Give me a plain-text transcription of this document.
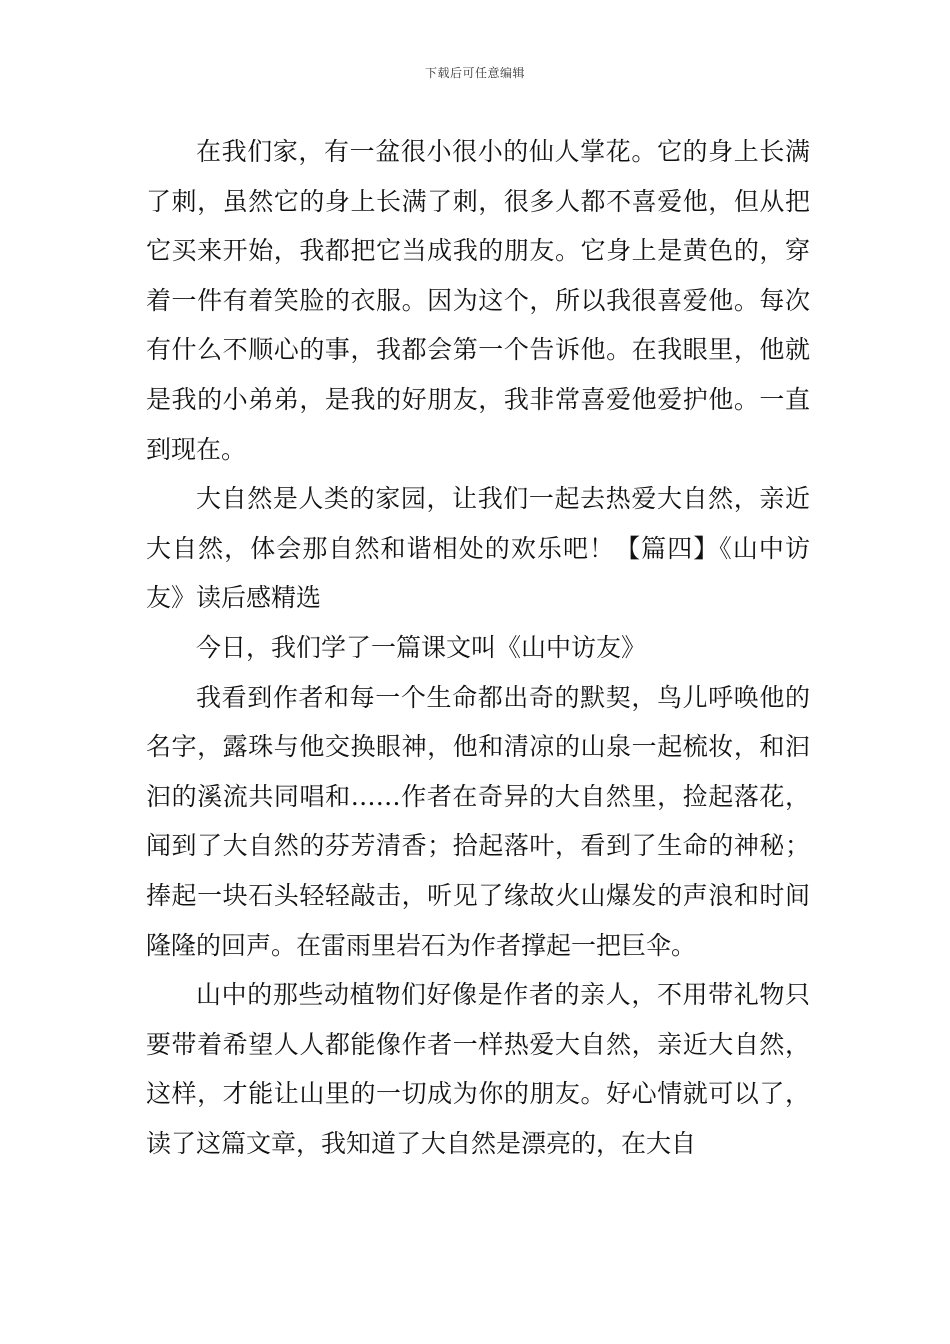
下载后可任意编辑

在我们家，有一盆很小很小的仙人掌花。它的身上长满了刺，虽然它的身上长满了刺，很多人都不喜爱他，但从把它买来开始，我都把它当成我的朋友。它身上是黄色的，穿着一件有着笑脸的衣服。因为这个，所以我很喜爱他。每次有什么不顺心的事，我都会第一个告诉他。在我眼里，他就是我的小弟弟，是我的好朋友，我非常喜爱他爱护他。一直到现在。

大自然是人类的家园，让我们一起去热爱大自然，亲近大自然，体会那自然和谐相处的欢乐吧！【篇四】《山中访友》读后感精选

今日，我们学了一篇课文叫《山中访友》

我看到作者和每一个生命都出奇的默契，鸟儿呼唤他的名字，露珠与他交换眼神，他和清凉的山泉一起梳妆，和汩汩的溪流共同唱和……作者在奇异的大自然里，捡起落花，闻到了大自然的芬芳清香；拾起落叶，看到了生命的神秘；捧起一块石头轻轻敲击，听见了缘故火山爆发的声浪和时间隆隆的回声。在雷雨里岩石为作者撑起一把巨伞。

山中的那些动植物们好像是作者的亲人，不用带礼物只要带着希望人人都能像作者一样热爱大自然，亲近大自然，这样，才能让山里的一切成为你的朋友。好心情就可以了，读了这篇文章，我知道了大自然是漂亮的，在大自
